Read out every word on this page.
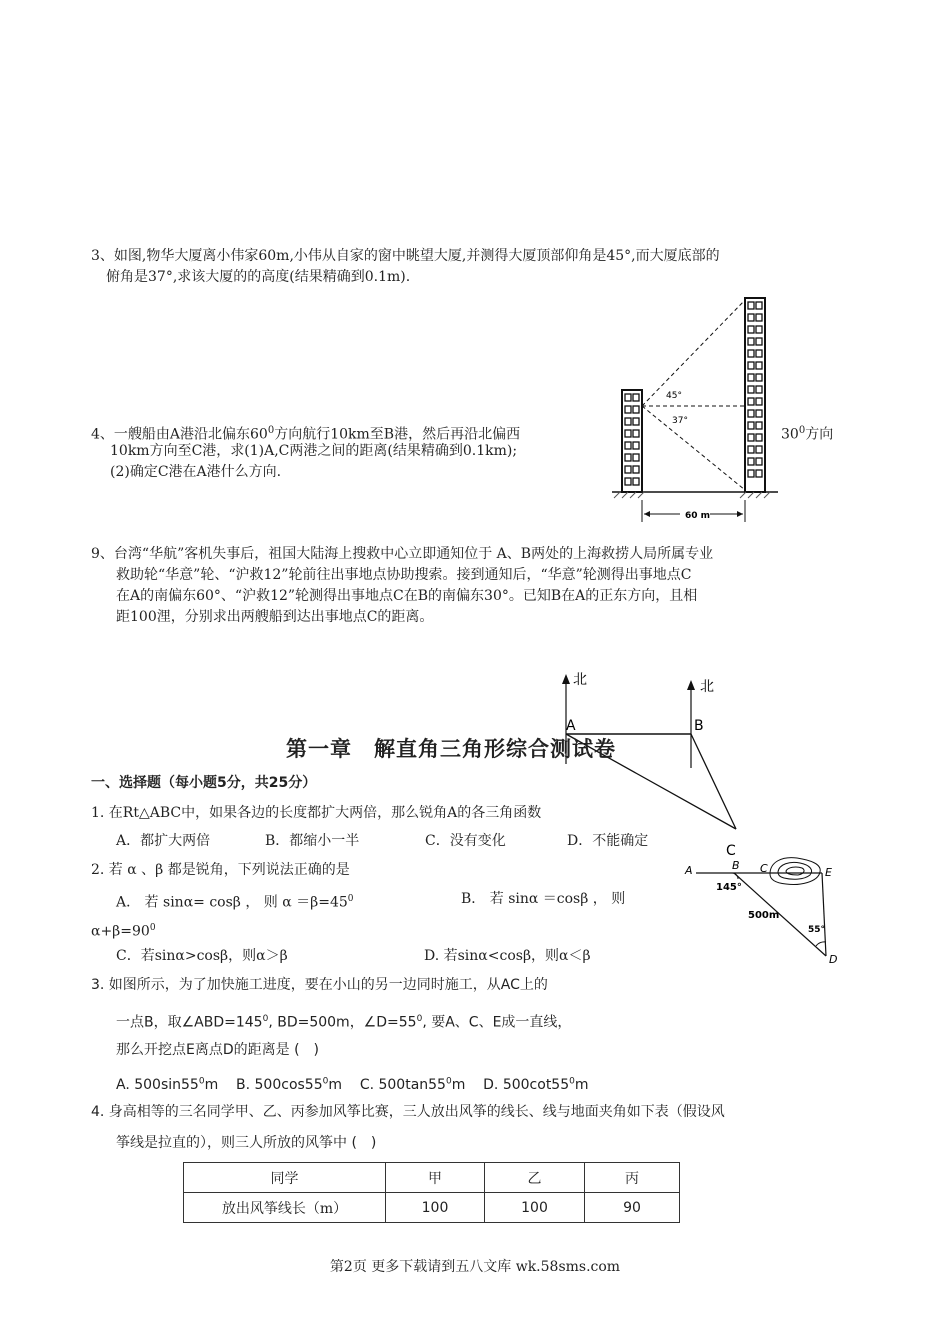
3、如图,物华大厦离小伟家60m,小伟从自家的窗中眺望大厦,并测得大厦顶部仰角是45°,而大厦底部的
俯角是37°,求该大厦的的高度(结果精确到0.1m).
45°
37°
60 m
4、一艘船由A港沿北偏东$60^0$方向航行10km至B港，然后再沿北偏西	$30^0$方向
10km方向至C港，求(1)A,C两港之间的距离(结果精确到0.1km);
(2)确定C港在A港什么方向.
9、台湾“华航”客机失事后，祖国大陆海上搜救中心立即通知位于 A、B两处的上海救捞人局所属专业
救助轮“华意”轮、“沪救12”轮前往出事地点协助搜索。接到通知后，“华意”轮测得出事地点C
在A的南偏东60°、“沪救12”轮测得出事地点C在B的南偏东30°。已知B在A的正东方向，且相
距100浬，分别求出两艘船到达出事地点C的距离。
北	北
A	B
C
第一章　解直角三角形综合测试卷
一、选择题（每小题5分，共25分）
1. 在Rt△ABC中，如果各边的长度都扩大两倍，那么锐角A的各三角函数
A．都扩大两倍	B．都缩小一半	C．没有变化	D．不能确定
2. 若 α 、β 都是锐角，下列说法正确的是
A． 若 sinα= cosβ ， 则 $\alpha =\beta=45^0$	B． 若 sinα ＝cosβ ， 则
$\alpha+\beta=90^0$
C．若sinα>cosβ，则α＞β	D. 若sinα<cosβ，则α＜β
A	B C	E
D
145°
500m
55°
3. 如图所示，为了加快施工进度，要在小山的另一边同时施工，从AC上的
一点B，取$\angle ABD=145^0$, BD=500m，$\angle D=55^0$, 要A、C、E成一直线，
那么开挖点E离点D的距离是 (　)
A. $500\sin 55^0m$ B. $500\cos 55^0m$ C. $500\tan 55^0m$ D. $500\cot 55^0m$
4. 身高相等的三名同学甲、乙、丙参加风筝比赛，三人放出风筝的线长、线与地面夹角如下表（假设风
筝线是拉直的），则三人所放的风筝中 (　)
同学	甲	乙	丙
放出风筝线长（m）	100	100	90
第2页 更多下载请到五八文库 wk.58sms.com
